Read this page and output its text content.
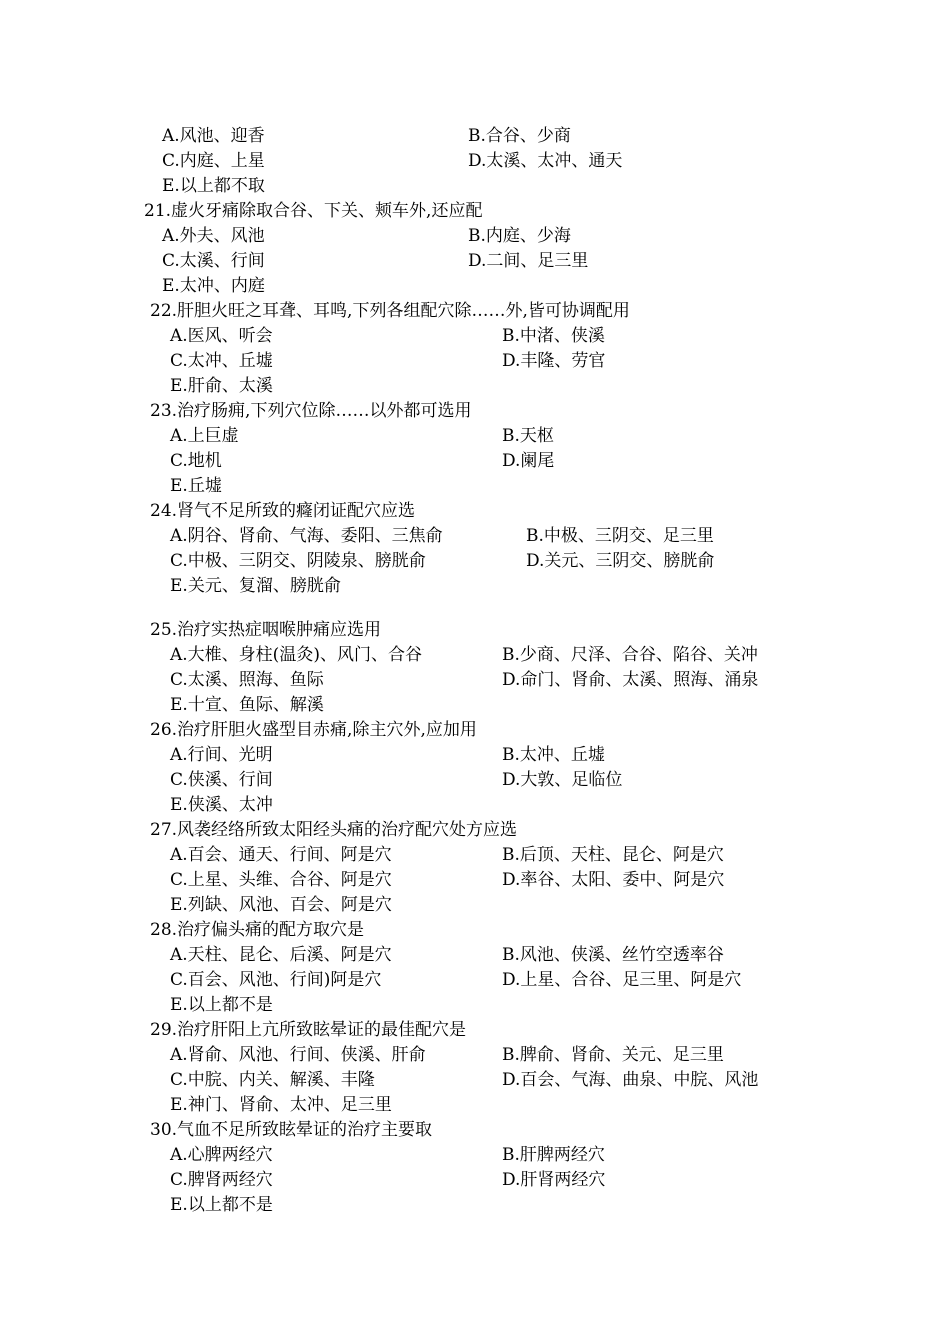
A.风池、迎香	B.合谷、少商
C.内庭、上星	D.太溪、太冲、通天
E.以上都不取
21.虚火牙痛除取合谷、下关、颊车外,还应配
A.外夫、风池	B.内庭、少海
C.太溪、行间	D.二间、足三里
E.太冲、内庭
22.肝胆火旺之耳聋、耳鸣,下列各组配穴除……外,皆可协调配用
A.医风、听会	B.中渚、侠溪
C.太冲、丘墟	D.丰隆、劳官
E.肝俞、太溪
23.治疗肠痈,下列穴位除……以外都可选用
A.上巨虚	B.天枢
C.地机	D.阑尾
E.丘墟
24.肾气不足所致的癃闭证配穴应选
A.阴谷、肾俞、气海、委阳、三焦俞	B.中极、三阴交、足三里
C.中极、三阴交、阴陵泉、膀胱俞	D.关元、三阴交、膀胱俞
E.关元、复溜、膀胱俞
25.治疗实热症咽喉肿痛应选用
A.大椎、身柱(温灸)、风门、合谷	B.少商、尺泽、合谷、陷谷、关冲
C.太溪、照海、鱼际	D.命门、肾俞、太溪、照海、涌泉
E.十宣、鱼际、解溪
26.治疗肝胆火盛型目赤痛,除主穴外,应加用
A.行间、光明	B.太冲、丘墟
C.侠溪、行间	D.大敦、足临位
E.侠溪、太冲
27.风袭经络所致太阳经头痛的治疗配穴处方应选
A.百会、通天、行间、阿是穴	B.后顶、天柱、昆仑、阿是穴
C.上星、头维、合谷、阿是穴	D.率谷、太阳、委中、阿是穴
E.列缺、风池、百会、阿是穴
28.治疗偏头痛的配方取穴是
A.天柱、昆仑、后溪、阿是穴	B.风池、侠溪、丝竹空透率谷
C.百会、风池、行间)阿是穴	D.上星、合谷、足三里、阿是穴
E.以上都不是
29.治疗肝阳上亢所致眩晕证的最佳配穴是
A.肾俞、风池、行间、侠溪、肝俞	B.脾俞、肾俞、关元、足三里
C.中脘、内关、解溪、丰隆	D.百会、气海、曲泉、中脘、风池
E.神门、肾俞、太冲、足三里
30.气血不足所致眩晕证的治疗主要取
A.心脾两经穴	B.肝脾两经穴
C.脾肾两经穴	D.肝肾两经穴
E.以上都不是
